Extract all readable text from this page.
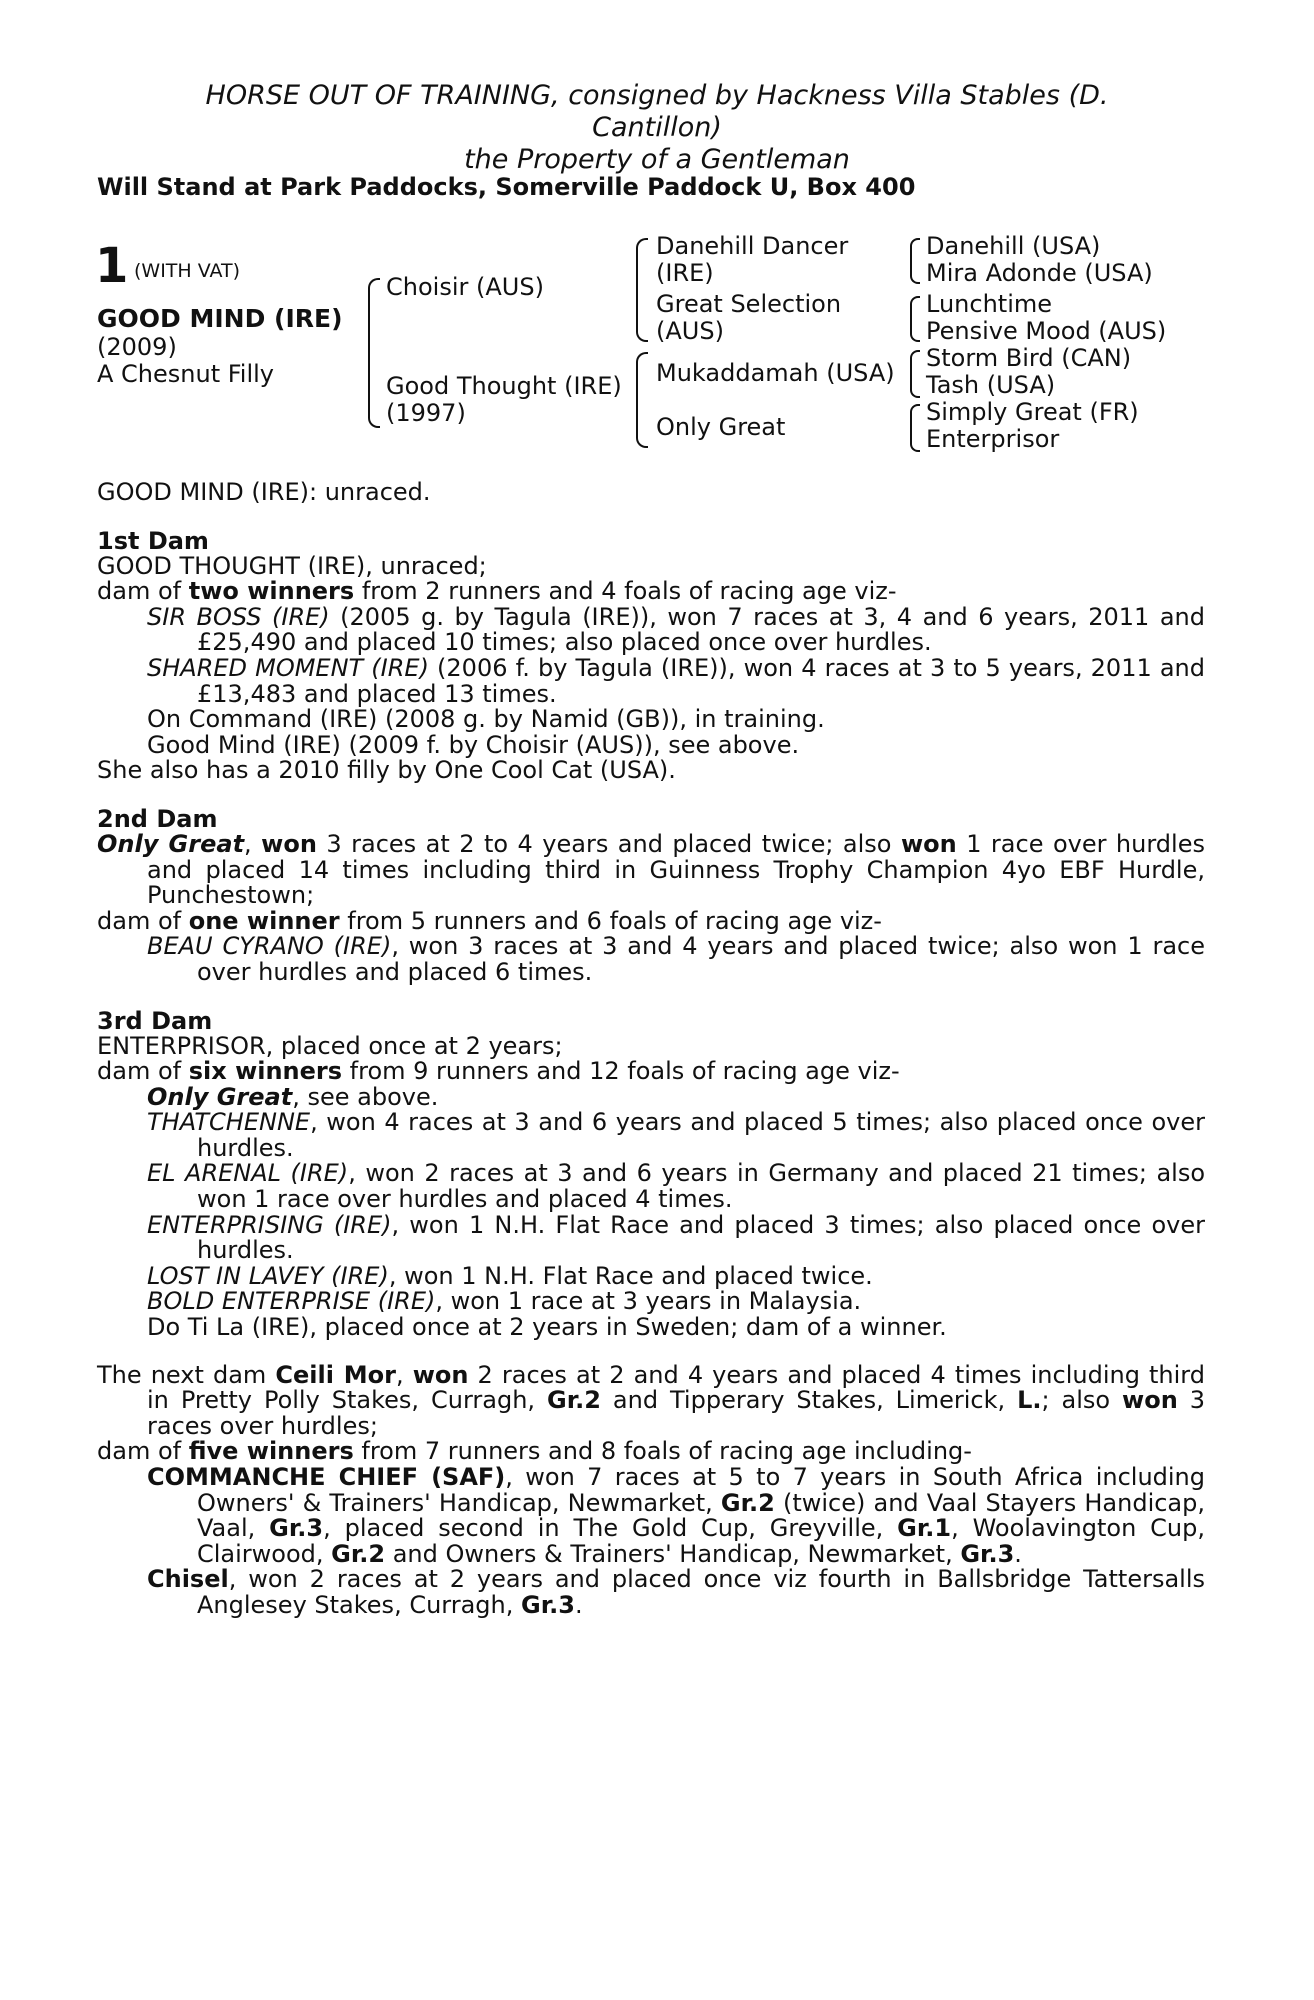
HORSE OUT OF TRAINING, consigned by Hackness Villa Stables (D.
Cantillon)
the Property of a Gentleman
Will Stand at Park Paddocks, Somerville Paddock U, Box 400
1 (WITH VAT)
GOOD MIND (IRE)
(2009)
A Chesnut Filly
Choisir (AUS)
Good Thought (IRE)
(1997)
Danehill Dancer
(IRE)
Great Selection
(AUS)
Mukaddamah (USA)
Only Great
Danehill (USA)
Mira Adonde (USA)
Lunchtime
Pensive Mood (AUS)
Storm Bird (CAN)
Tash (USA)
Simply Great (FR)
Enterprisor

GOOD MIND (IRE): unraced.

1st Dam

GOOD THOUGHT (IRE), unraced;

dam of two winners from 2 runners and 4 foals of racing age viz-

SIR BOSS (IRE) (2005 g. by Tagula (IRE)), won 7 races at 3, 4 and 6 years, 2011 and £25,490 and placed 10 times; also placed once over hurdles.

SHARED MOMENT (IRE) (2006 f. by Tagula (IRE)), won 4 races at 3 to 5 years, 2011 and £13,483 and placed 13 times.

On Command (IRE) (2008 g. by Namid (GB)), in training.

Good Mind (IRE) (2009 f. by Choisir (AUS)), see above.

She also has a 2010 filly by One Cool Cat (USA).

2nd Dam

Only Great, won 3 races at 2 to 4 years and placed twice; also won 1 race over hurdles and placed 14 times including third in Guinness Trophy Champion 4yo EBF Hurdle, Punchestown;

dam of one winner from 5 runners and 6 foals of racing age viz-

BEAU CYRANO (IRE), won 3 races at 3 and 4 years and placed twice; also won 1 race over hurdles and placed 6 times.

3rd Dam

ENTERPRISOR, placed once at 2 years;

dam of six winners from 9 runners and 12 foals of racing age viz-

Only Great, see above.

THATCHENNE, won 4 races at 3 and 6 years and placed 5 times; also placed once over hurdles.

EL ARENAL (IRE), won 2 races at 3 and 6 years in Germany and placed 21 times; also won 1 race over hurdles and placed 4 times.

ENTERPRISING (IRE), won 1 N.H. Flat Race and placed 3 times; also placed once over hurdles.

LOST IN LAVEY (IRE), won 1 N.H. Flat Race and placed twice.

BOLD ENTERPRISE (IRE), won 1 race at 3 years in Malaysia.

Do Ti La (IRE), placed once at 2 years in Sweden; dam of a winner.

The next dam Ceili Mor, won 2 races at 2 and 4 years and placed 4 times including third in Pretty Polly Stakes, Curragh, Gr.2 and Tipperary Stakes, Limerick, L.; also won 3 races over hurdles;

dam of five winners from 7 runners and 8 foals of racing age including-

COMMANCHE CHIEF (SAF), won 7 races at 5 to 7 years in South Africa including Owners' & Trainers' Handicap, Newmarket, Gr.2 (twice) and Vaal Stayers Handicap, Vaal, Gr.3, placed second in The Gold Cup, Greyville, Gr.1, Woolavington Cup, Clairwood, Gr.2 and Owners & Trainers' Handicap, Newmarket, Gr.3.

Chisel, won 2 races at 2 years and placed once viz fourth in Ballsbridge Tattersalls Anglesey Stakes, Curragh, Gr.3.
